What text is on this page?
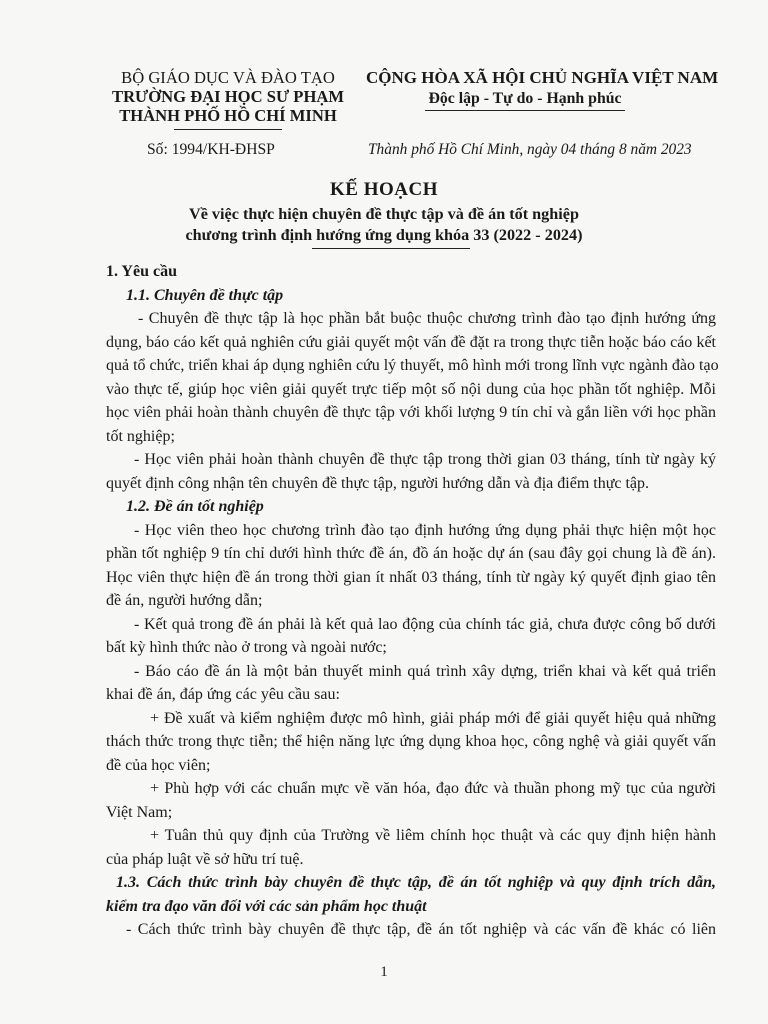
BỘ GIÁO DỤC VÀ ĐÀO TẠO
TRƯỜNG ĐẠI HỌC SƯ PHẠM
THÀNH PHỐ HỒ CHÍ MINH
CỘNG HÒA XÃ HỘI CHỦ NGHĨA VIỆT NAM
Độc lập - Tự do - Hạnh phúc
Số: 1994/KH-ĐHSP	Thành phố Hồ Chí Minh, ngày 04 tháng 8 năm 2023
KẾ HOẠCH
Về việc thực hiện chuyên đề thực tập và đề án tốt nghiệp
chương trình định hướng ứng dụng khóa 33 (2022 - 2024)
1. Yêu cầu
1.1. Chuyên đề thực tập
- Chuyên đề thực tập là học phần bắt buộc thuộc chương trình đào tạo định hướng ứng
dụng, báo cáo kết quả nghiên cứu giải quyết một vấn đề đặt ra trong thực tiễn hoặc báo cáo kết
quả tổ chức, triển khai áp dụng nghiên cứu lý thuyết, mô hình mới trong lĩnh vực ngành đào tạo
vào thực tế, giúp học viên giải quyết trực tiếp một số nội dung của học phần tốt nghiệp. Mỗi
học viên phải hoàn thành chuyên đề thực tập với khối lượng 9 tín chỉ và gắn liền với học phần
tốt nghiệp;
- Học viên phải hoàn thành chuyên đề thực tập trong thời gian 03 tháng, tính từ ngày ký
quyết định công nhận tên chuyên đề thực tập, người hướng dẫn và địa điểm thực tập.
1.2. Đề án tốt nghiệp
- Học viên theo học chương trình đào tạo định hướng ứng dụng phải thực hiện một học
phần tốt nghiệp 9 tín chỉ dưới hình thức đề án, đồ án hoặc dự án (sau đây gọi chung là đề án).
Học viên thực hiện đề án trong thời gian ít nhất 03 tháng, tính từ ngày ký quyết định giao tên
đề án, người hướng dẫn;
- Kết quả trong đề án phải là kết quả lao động của chính tác giả, chưa được công bố dưới
bất kỳ hình thức nào ở trong và ngoài nước;
- Báo cáo đề án là một bản thuyết minh quá trình xây dựng, triển khai và kết quả triển
khai đề án, đáp ứng các yêu cầu sau:
+ Đề xuất và kiểm nghiệm được mô hình, giải pháp mới để giải quyết hiệu quả những
thách thức trong thực tiễn; thể hiện năng lực ứng dụng khoa học, công nghệ và giải quyết vấn
đề của học viên;
+ Phù hợp với các chuẩn mực về văn hóa, đạo đức và thuần phong mỹ tục của người
Việt Nam;
+ Tuân thủ quy định của Trường về liêm chính học thuật và các quy định hiện hành
của pháp luật về sở hữu trí tuệ.
1.3. Cách thức trình bày chuyên đề thực tập, đề án tốt nghiệp và quy định trích dẫn,
kiểm tra đạo văn đối với các sản phẩm học thuật
- Cách thức trình bày chuyên đề thực tập, đề án tốt nghiệp và các vấn đề khác có liên
1
